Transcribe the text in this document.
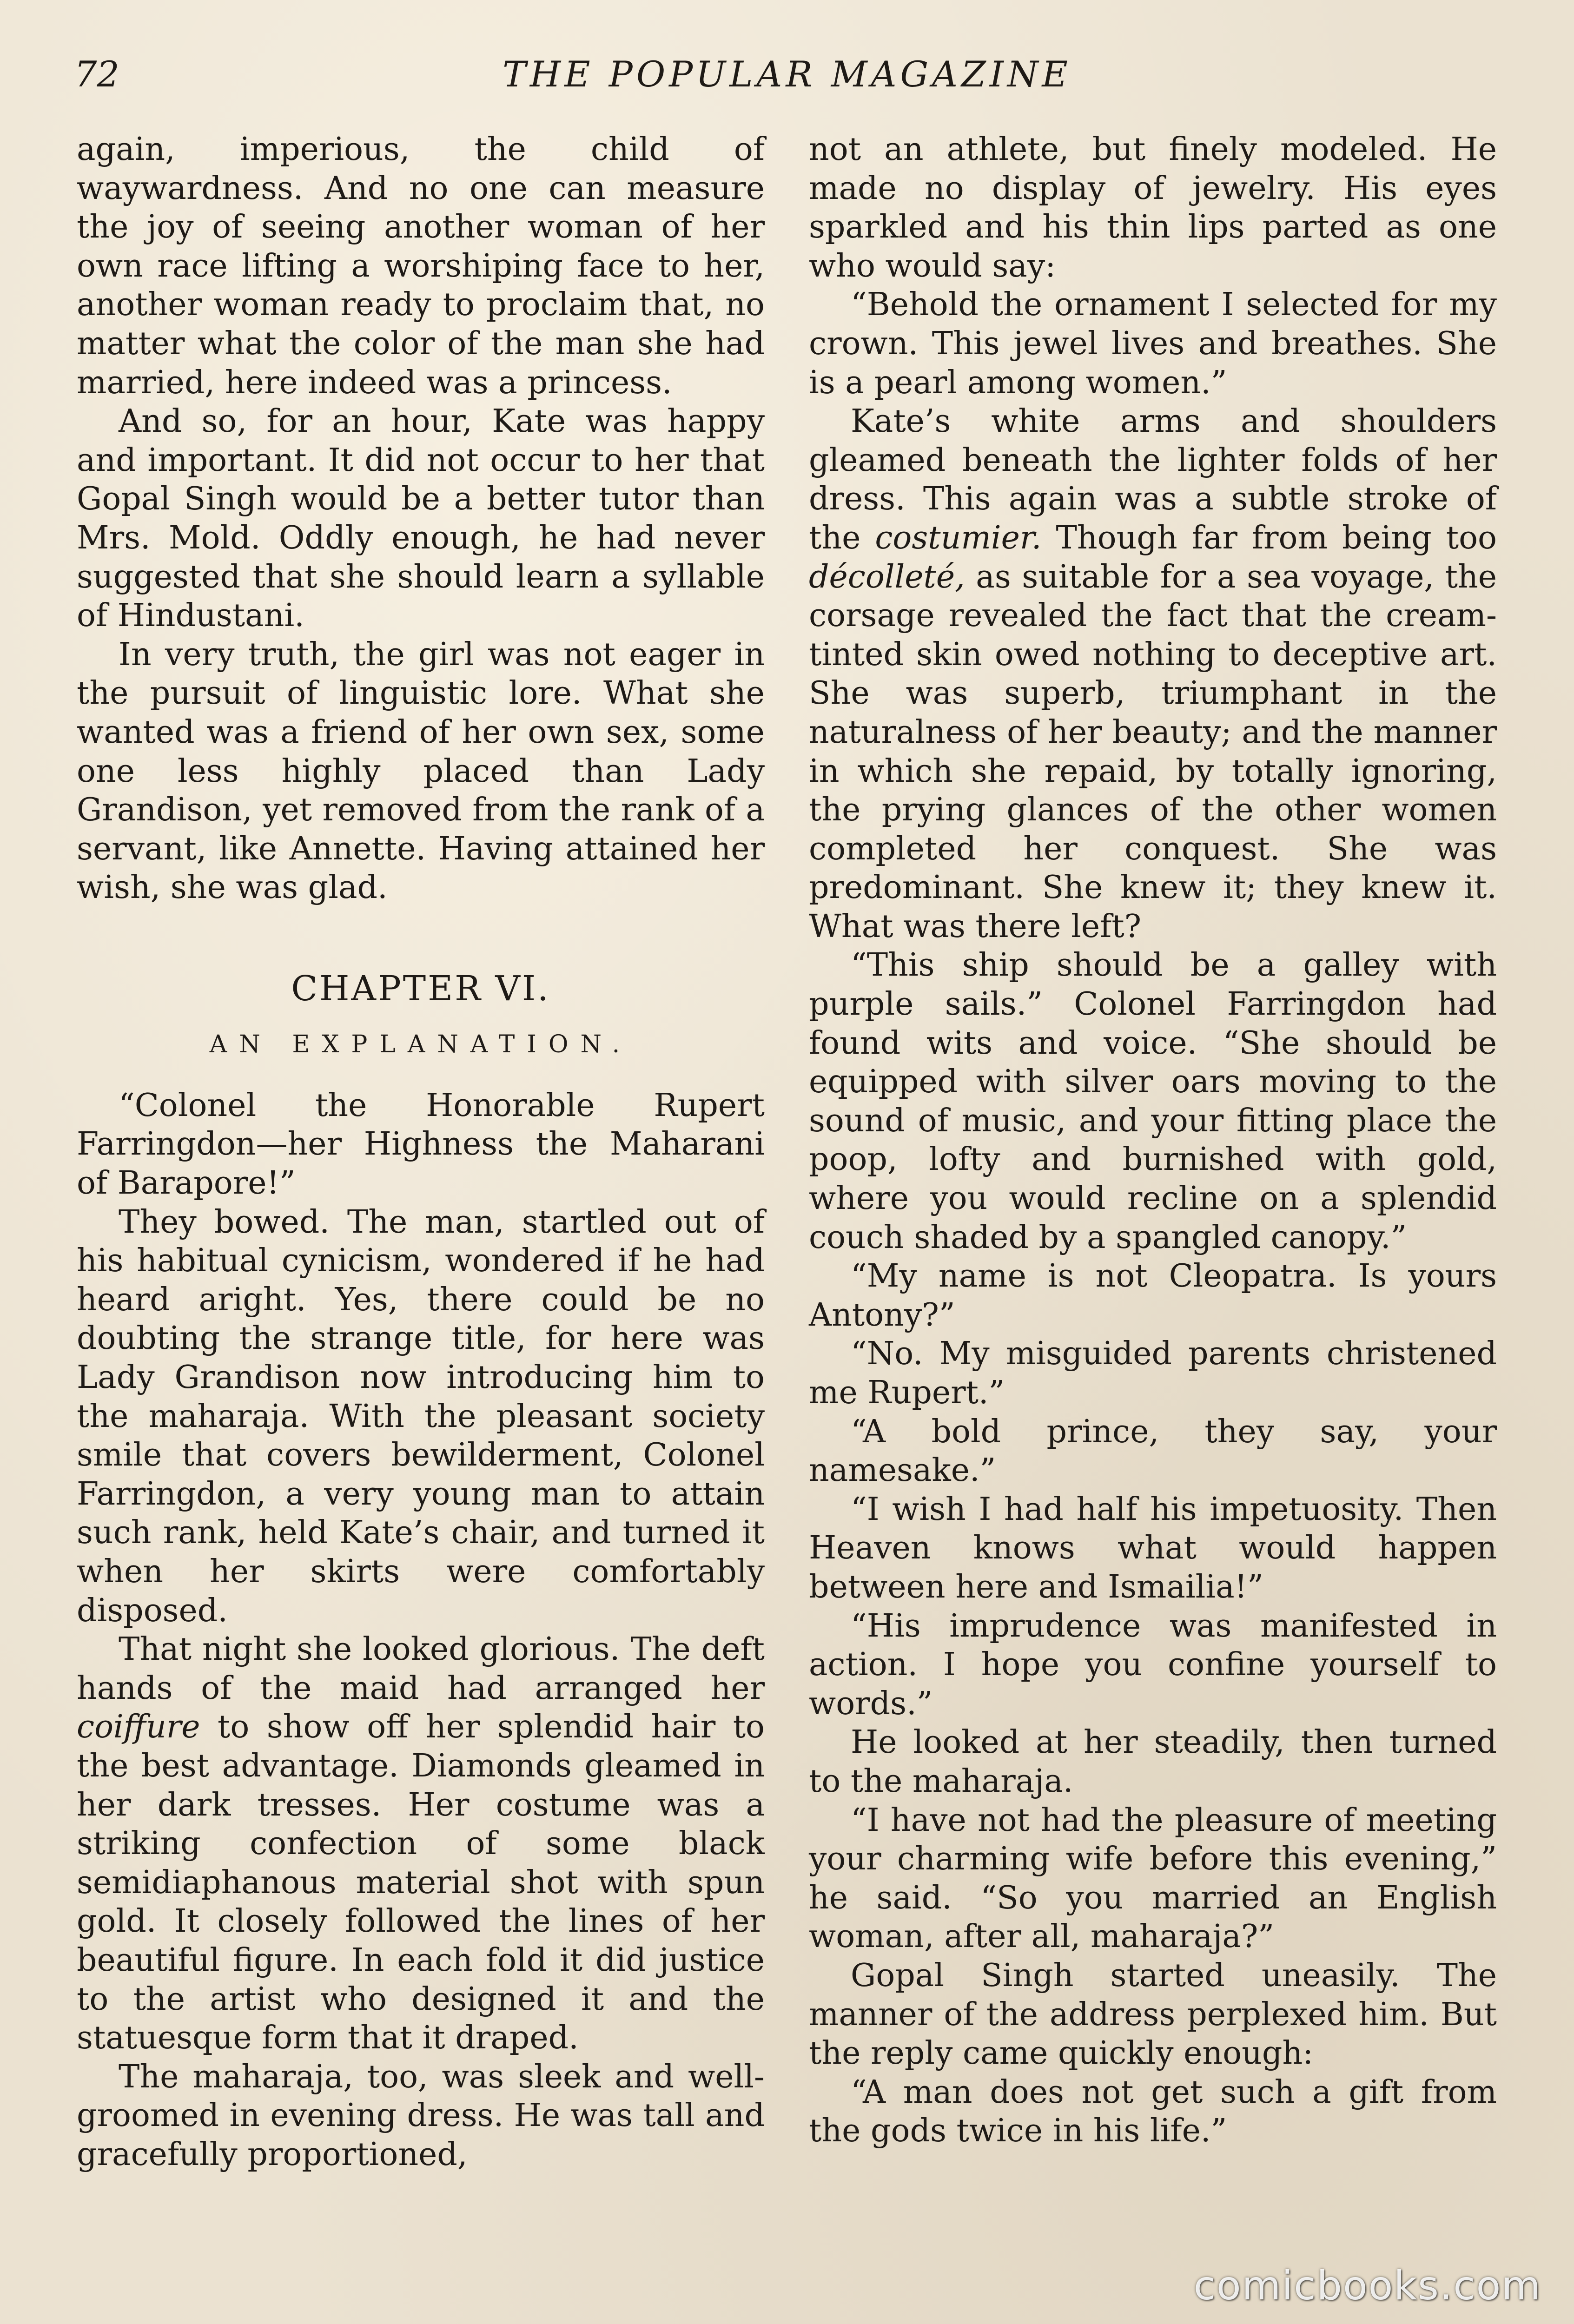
72	THE POPULAR MAGAZINE

again, imperious, the child of waywardness. And no one can measure the joy of seeing another woman of her own race lifting a worshiping face to her, another woman ready to proclaim that, no matter what the color of the man she had married, here indeed was a princess.

And so, for an hour, Kate was happy and important. It did not occur to her that Gopal Singh would be a better tutor than Mrs. Mold. Oddly enough, he had never suggested that she should learn a syllable of Hindustani.

In very truth, the girl was not eager in the pursuit of linguistic lore. What she wanted was a friend of her own sex, some one less highly placed than Lady Grandison, yet removed from the rank of a servant, like Annette. Having attained her wish, she was glad.

CHAPTER VI.
AN EXPLANATION.

“Colonel the Honorable Rupert Farringdon—her Highness the Maharani of Barapore!”

They bowed. The man, startled out of his habitual cynicism, wondered if he had heard aright. Yes, there could be no doubting the strange title, for here was Lady Grandison now introducing him to the maharaja. With the pleasant society smile that covers bewilderment, Colonel Farringdon, a very young man to attain such rank, held Kate’s chair, and turned it when her skirts were comfortably disposed.

That night she looked glorious. The deft hands of the maid had arranged her coiffure to show off her splendid hair to the best advantage. Diamonds gleamed in her dark tresses. Her costume was a striking confection of some black semidiaphanous material shot with spun gold. It closely followed the lines of her beautiful figure. In each fold it did justice to the artist who designed it and the statuesque form that it draped.

The maharaja, too, was sleek and well-groomed in evening dress. He was tall and gracefully proportioned,

not an athlete, but finely modeled. He made no display of jewelry. His eyes sparkled and his thin lips parted as one who would say:

“Behold the ornament I selected for my crown. This jewel lives and breathes. She is a pearl among women.”

Kate’s white arms and shoulders gleamed beneath the lighter folds of her dress. This again was a subtle stroke of the costumier. Though far from being too décolleté, as suitable for a sea voyage, the corsage revealed the fact that the cream-tinted skin owed nothing to deceptive art. She was superb, triumphant in the naturalness of her beauty; and the manner in which she repaid, by totally ignoring, the prying glances of the other women completed her conquest. She was predominant. She knew it; they knew it. What was there left?

“This ship should be a galley with purple sails.” Colonel Farringdon had found wits and voice. “She should be equipped with silver oars moving to the sound of music, and your fitting place the poop, lofty and burnished with gold, where you would recline on a splendid couch shaded by a spangled canopy.”

“My name is not Cleopatra. Is yours Antony?”

“No. My misguided parents christened me Rupert.”

“A bold prince, they say, your namesake.”

“I wish I had half his impetuosity. Then Heaven knows what would happen between here and Ismailia!”

“His imprudence was manifested in action. I hope you confine yourself to words.”

He looked at her steadily, then turned to the maharaja.

“I have not had the pleasure of meeting your charming wife before this evening,” he said. “So you married an English woman, after all, maharaja?”

Gopal Singh started uneasily. The manner of the address perplexed him. But the reply came quickly enough:

“A man does not get such a gift from the gods twice in his life.”

comicbooks.com
